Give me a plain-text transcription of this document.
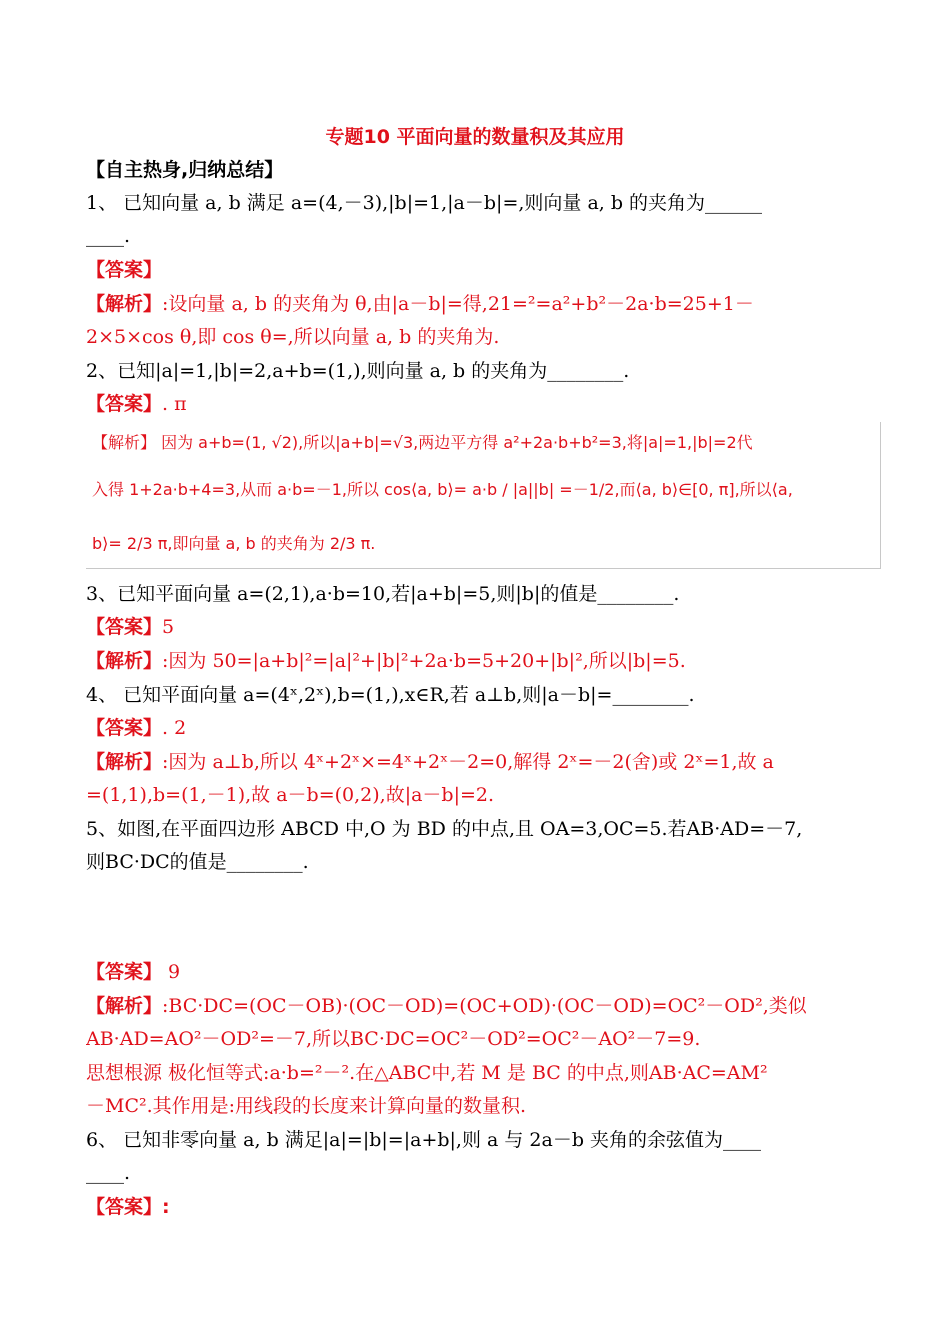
专题10 平面向量的数量积及其应用
【自主热身,归纳总结】
1、 已知向量 a, b 满足 a=(4,－3),|b|=1,|a－b|=,则向量 a, b 的夹角为______
____.
【答案】
【解析】:设向量 a, b 的夹角为 θ,由|a－b|=得,21=²=a²+b²－2a·b=25+1－
2×5×cos θ,即 cos θ=,所以向量 a, b 的夹角为.
2、已知|a|=1,|b|=2,a+b=(1,),则向量 a, b 的夹角为________.
【答案】. π
【解析】 因为 a+b=(1, √2),所以|a+b|=√3,两边平方得 a²+2a·b+b²=3,将|a|=1,|b|=2代
入得 1+2a·b+4=3,从而 a·b=－1,所以 cos⟨a, b⟩= a·b / |a||b| =－1/2,而⟨a, b⟩∈[0, π],所以⟨a,
b⟩= 2/3 π,即向量 a, b 的夹角为 2/3 π.
3、已知平面向量 a=(2,1),a·b=10,若|a+b|=5,则|b|的值是________.
【答案】5
【解析】:因为 50=|a+b|²=|a|²+|b|²+2a·b=5+20+|b|²,所以|b|=5.
4、 已知平面向量 a=(4ˣ,2ˣ),b=(1,),x∈R,若 a⊥b,则|a－b|=________.
【答案】. 2
【解析】:因为 a⊥b,所以 4ˣ+2ˣ×=4ˣ+2ˣ－2=0,解得 2ˣ=－2(舍)或 2ˣ=1,故 a
=(1,1),b=(1,－1),故 a－b=(0,2),故|a－b|=2.
5、如图,在平面四边形 ABCD 中,O 为 BD 的中点,且 OA=3,OC=5.若AB·AD=－7,
则BC·DC的值是________.
【答案】 9
【解析】:BC·DC=(OC－OB)·(OC－OD)=(OC+OD)·(OC－OD)=OC²－OD²,类似
AB·AD=AO²－OD²=－7,所以BC·DC=OC²－OD²=OC²－AO²－7=9.
思想根源 极化恒等式:a·b=²－².在△ABC中,若 M 是 BC 的中点,则AB·AC=AM²
－MC².其作用是:用线段的长度来计算向量的数量积.
6、 已知非零向量 a, b 满足|a|=|b|=|a+b|,则 a 与 2a－b 夹角的余弦值为____
____.
【答案】:
